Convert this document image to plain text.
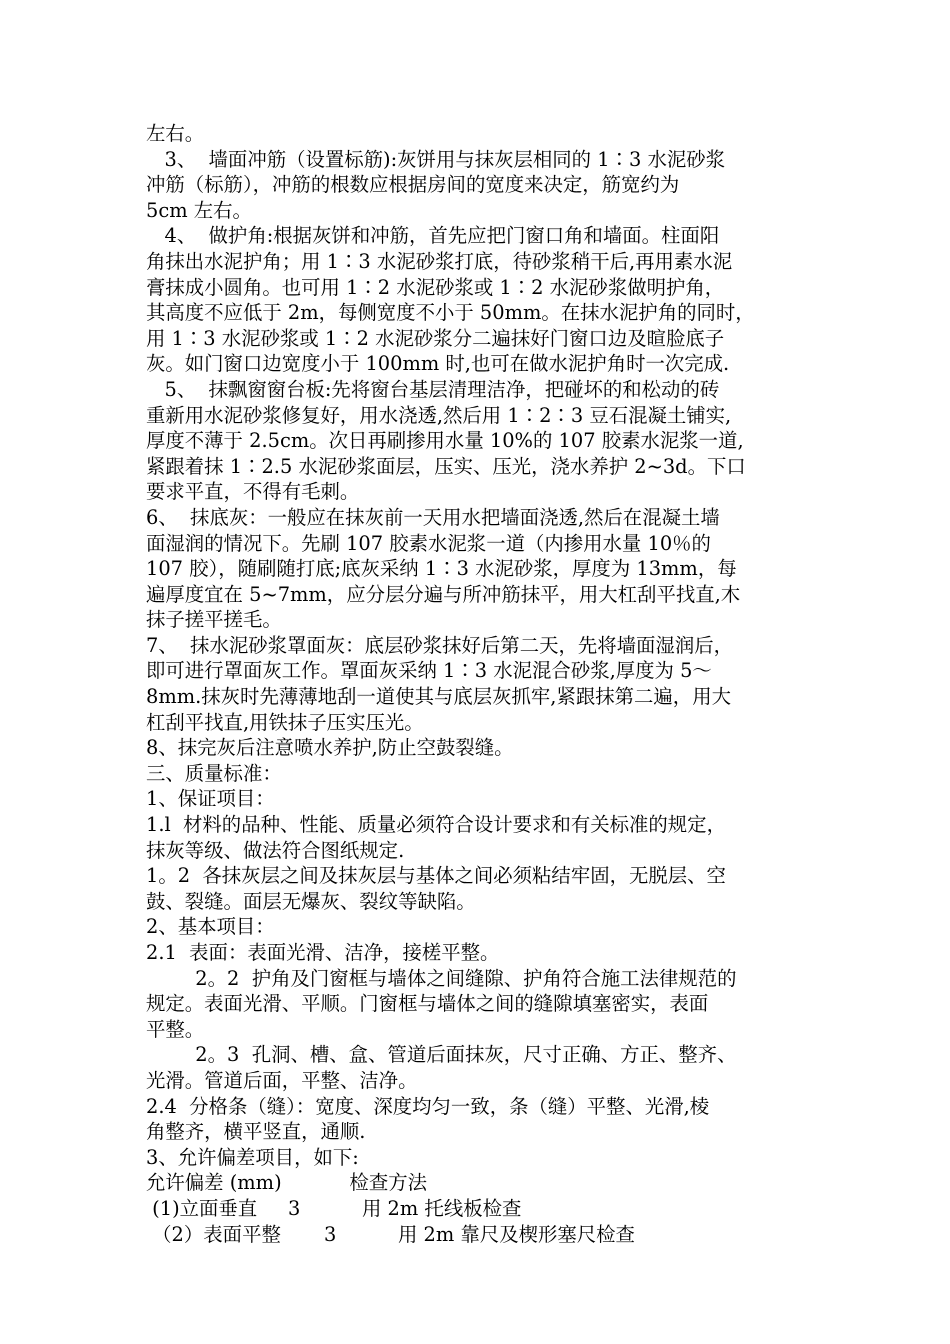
左右。
3、  墙面冲筋（设置标筋):灰饼用与抹灰层相同的 1∶3 水泥砂浆
冲筋（标筋），冲筋的根数应根据房间的宽度来决定，筋宽约为
5cm 左右。
4、  做护角:根据灰饼和冲筋，首先应把门窗口角和墙面。柱面阳
角抹出水泥护角；用 1∶3 水泥砂浆打底，待砂浆稍干后,再用素水泥
膏抹成小圆角。也可用 1∶2 水泥砂浆或 1∶2 水泥砂浆做明护角，
其高度不应低于 2m，每侧宽度不小于 50mm。在抹水泥护角的同时，
用 1∶3 水泥砂浆或 1∶2 水泥砂浆分二遍抹好门窗口边及暄脸底子
灰。如门窗口边宽度小于 100mm 时,也可在做水泥护角时一次完成.
5、  抹飘窗窗台板:先将窗台基层清理洁净，把碰坏的和松动的砖
重新用水泥砂浆修复好，用水浇透,然后用 1∶2∶3 豆石混凝土铺实,
厚度不薄于 2.5cm。次日再刷掺用水量 10%的 107 胶素水泥浆一道,
紧跟着抹 1∶2.5 水泥砂浆面层，压实、压光，浇水养护 2~3d。下口
要求平直，不得有毛刺。
6、  抹底灰：一般应在抹灰前一天用水把墙面浇透,然后在混凝土墙
面湿润的情况下。先刷 107 胶素水泥浆一道（内掺用水量 10％的
107 胶），随刷随打底;底灰采纳 1∶3 水泥砂浆，厚度为 13mm，每
遍厚度宜在 5~7mm，应分层分遍与所冲筋抹平，用大杠刮平找直,木
抹子搓平搓毛。
7、  抹水泥砂浆罩面灰：底层砂浆抹好后第二天，先将墙面湿润后，
即可进行罩面灰工作。罩面灰采纳 1∶3 水泥混合砂浆,厚度为 5～
8mm.抹灰时先薄薄地刮一道使其与底层灰抓牢,紧跟抹第二遍，用大
杠刮平找直,用铁抹子压实压光。
8、抹完灰后注意喷水养护,防止空鼓裂缝。
三、质量标准：
1、保证项目：
1.l  材料的品种、性能、质量必须符合设计要求和有关标准的规定，
抹灰等级、做法符合图纸规定.
1。2  各抹灰层之间及抹灰层与基体之间必须粘结牢固，无脱层、空
鼓、裂缝。面层无爆灰、裂纹等缺陷。
2、基本项目：
2.1  表面：表面光滑、洁净，接槎平整。
2。2  护角及门窗框与墙体之间缝隙、护角符合施工法律规范的
规定。表面光滑、平顺。门窗框与墙体之间的缝隙填塞密实，表面
平整。
2。3  孔洞、槽、盒、管道后面抹灰，尺寸正确、方正、整齐、
光滑。管道后面，平整、洁净。
2.4  分格条（缝）：宽度、深度均匀一致，条（缝）平整、光滑,棱
角整齐，横平竖直，通顺.
3、允许偏差项目，如下:
允许偏差 (mm)           检查方法
(1)立面垂直     3          用 2m 托线板检查
（2）表面平整       3          用 2m 靠尺及楔形塞尺检查
